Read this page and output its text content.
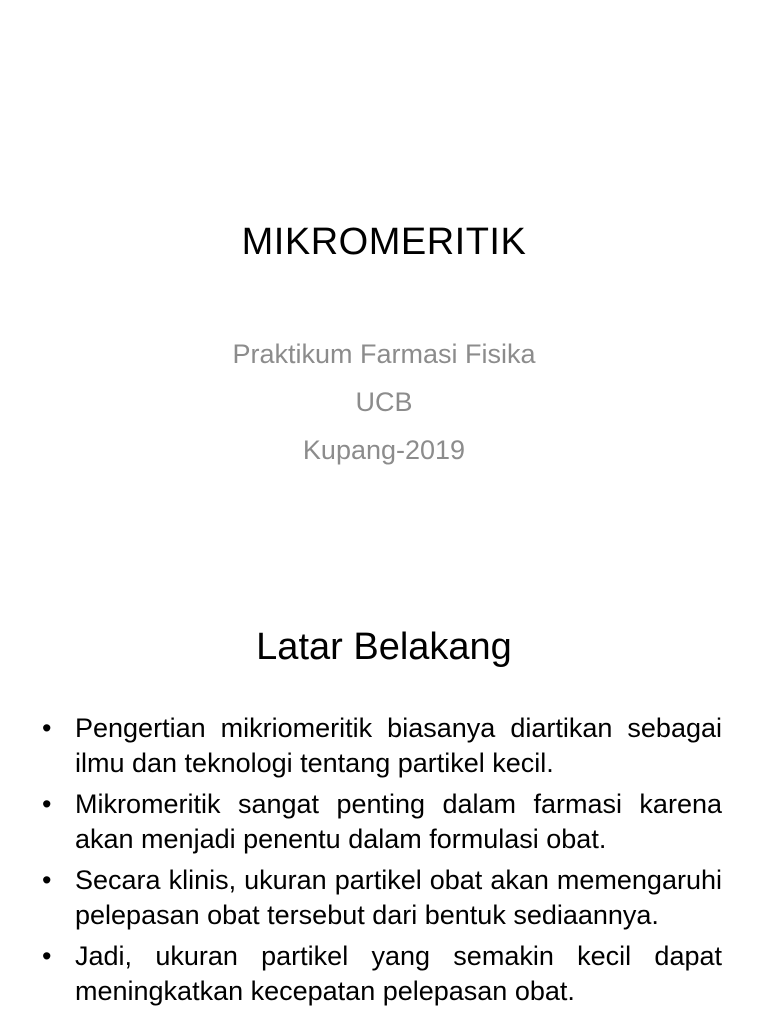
MIKROMERITIK
Praktikum Farmasi Fisika
UCB
Kupang-2019
Latar Belakang
• Pengertian mikriomeritik biasanya diartikan sebagai ilmu dan teknologi tentang partikel kecil.
• Mikromeritik sangat penting dalam farmasi karena akan menjadi penentu dalam formulasi obat.
• Secara klinis, ukuran partikel obat akan memengaruhi pelepasan obat tersebut dari bentuk sediaannya.
• Jadi, ukuran partikel yang semakin kecil dapat meningkatkan kecepatan pelepasan obat.
